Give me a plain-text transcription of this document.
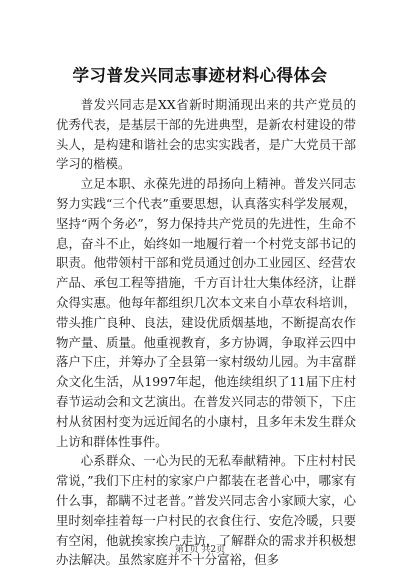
学习普发兴同志事迹材料心得体会

普发兴同志是XX省新时期涌现出来的共产党员的优秀代表，是基层干部的先进典型，是新农村建设的带头人，是构建和谐社会的忠实实践者，是广大党员干部学习的楷模。

立足本职、永葆先进的昂扬向上精神。普发兴同志努力实践“三个代表”重要思想，认真落实科学发展观，坚持“两个务必”，努力保持共产党员的先进性，生命不息，奋斗不止，始终如一地履行着一个村党支部书记的职责。他带领村干部和党员通过创办工业园区、经营农产品、承包工程等措施，千方百计壮大集体经济，让群众得实惠。他每年都组织几次本文来自小草农科培训，带头推广良种、良法，建设优质烟基地，不断提高农作物产量、质量。他重视教育，多方协调，争取祥云四中落户下庄，并筹办了全县第一家村级幼儿园。为丰富群众文化生活，从1997年起，他连续组织了11届下庄村春节运动会和文艺演出。在普发兴同志的带领下，下庄村从贫困村变为远近闻名的小康村，且多年未发生群众上访和群体性事件。

心系群众、一心为民的无私奉献精神。下庄村村民常说，”我们下庄村的家家户户都装在老普心中，哪家有什么事，都瞒不过老普。”普发兴同志舍小家顾大家，心里时刻牵挂着每一户村民的衣食住行、安危冷暖，只要有空闲，他就挨家挨户走访，了解群众的需求并积极想办法解决。虽然家庭并不十分富裕，但多

第1页 共2页
